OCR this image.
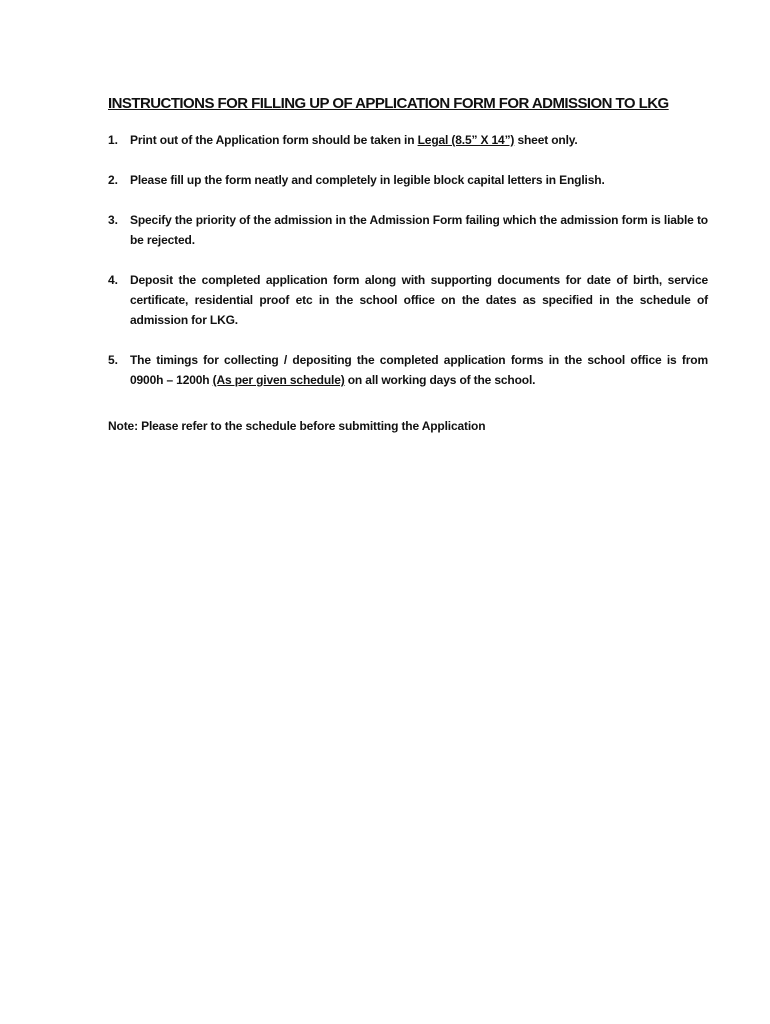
INSTRUCTIONS FOR FILLING UP OF APPLICATION FORM FOR ADMISSION TO LKG
1. Print out of the Application form should be taken in Legal (8.5” X 14”) sheet only.
2. Please fill up the form neatly and completely in legible block capital letters in English.
3. Specify the priority of the admission in the Admission Form failing which the admission form is liable to be rejected.
4. Deposit the completed application form along with supporting documents for date of birth, service certificate, residential proof etc in the school office on the dates as specified in the schedule of admission for LKG.
5. The timings for collecting / depositing the completed application forms in the school office is from 0900h – 1200h (As per given schedule) on all working days of the school.

Note: Please refer to the schedule before submitting the Application
